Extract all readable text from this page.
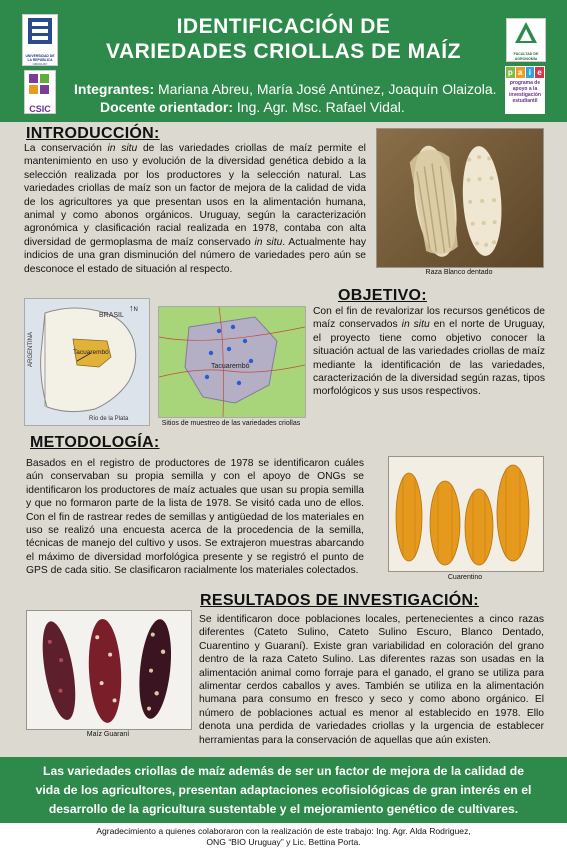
UNIVERSIDAD DE LA REPÚBLICA
URUGUAY
CSIC
IDENTIFICACIÓN DE
VARIEDADES CRIOLLAS DE MAÍZ
Integrantes: Mariana Abreu, María José Antúnez, Joaquín Olaizola.
Docente orientador: Ing. Agr. Msc. Rafael Vidal.
FACULTAD DE AGRONOMÍA
p a i e
programa de apoyo a la investigación estudiantil
INTRODUCCIÓN:
La conservación in situ de las variedades criollas de maíz permite el mantenimiento en uso y evolución de la diversidad genética debido a la selección realizada por los productores y la selección natural. Las variedades criollas de maíz son un factor de mejora de la calidad de vida de los agricultores ya que presentan usos en la alimentación humana, animal y como abonos orgánicos. Uruguay, según la caracterización agronómica y clasificación racial realizada en 1978, contaba con alta diversidad de germoplasma de maíz conservado in situ. Actualmente hay indicios de una gran disminución del número de variedades pero aún se desconoce el estado de situación al respecto.	Raza Blanco dentado
ARGENTINA
BRASIL
Tacuarembó
Río de la Plata
↑N
Tacuarembó
Sitios de muestreo de las variedades criollas
OBJETIVO:
Con el fin de revalorizar los recursos genéticos de maíz conservados in situ en el norte de Uruguay, el proyecto tiene como objetivo conocer la situación actual de las variedades criollas de maíz mediante la identificación de las variedades, caracterización de la diversidad según razas, tipos morfológicos y sus usos respectivos.
METODOLOGÍA:
Basados en el registro de productores de 1978 se identificaron cuáles aún conservaban su propia semilla y con el apoyo de ONGs se identificaron los productores de maíz actuales que usan su propia semilla y que no formaron parte de la lista de 1978. Se visitó cada uno de ellos. Con el fin de rastrear redes de semillas y antigüedad de los materiales en uso se realizó una encuesta acerca de la procedencia de la semilla, técnicas de manejo del cultivo y usos. Se extrajeron muestras abarcando el máximo de diversidad morfológica presente y se registró el punto de GPS de cada sitio. Se clasificaron racialmente los materiales colectados.
Cuarentino
RESULTADOS DE INVESTIGACIÓN:
Se identificaron doce poblaciones locales, pertenecientes a cinco razas diferentes (Cateto Sulino, Cateto Sulino Escuro, Blanco Dentado, Cuarentino y Guaraní). Existe gran variabilidad en coloración del grano dentro de la raza Cateto Sulino. Las diferentes razas son usadas en la alimentación animal como forraje para el ganado, el grano se utiliza para alimentar cerdos caballos y aves. También se utiliza en la alimentación humana para consumo en fresco y seco y como abono orgánico. El número de poblaciones actual es menor al establecido en 1978. Ello denota una perdida de variedades criollas y la urgencia de establecer herramientas para la conservación de aquellas que aún existen.
Maíz Guaraní
Las variedades criollas de maíz además de ser un factor de mejora de la calidad de
vida de los agricultores, presentan adaptaciones ecofisiológicas de gran interés en el
desarrollo de la agricultura sustentable y el mejoramiento genético de cultivares.
Agradecimiento a quienes colaboraron con la realización de este trabajo: Ing. Agr. Alda Rodriguez,
ONG “BIO Uruguay” y Lic. Bettina Porta.
